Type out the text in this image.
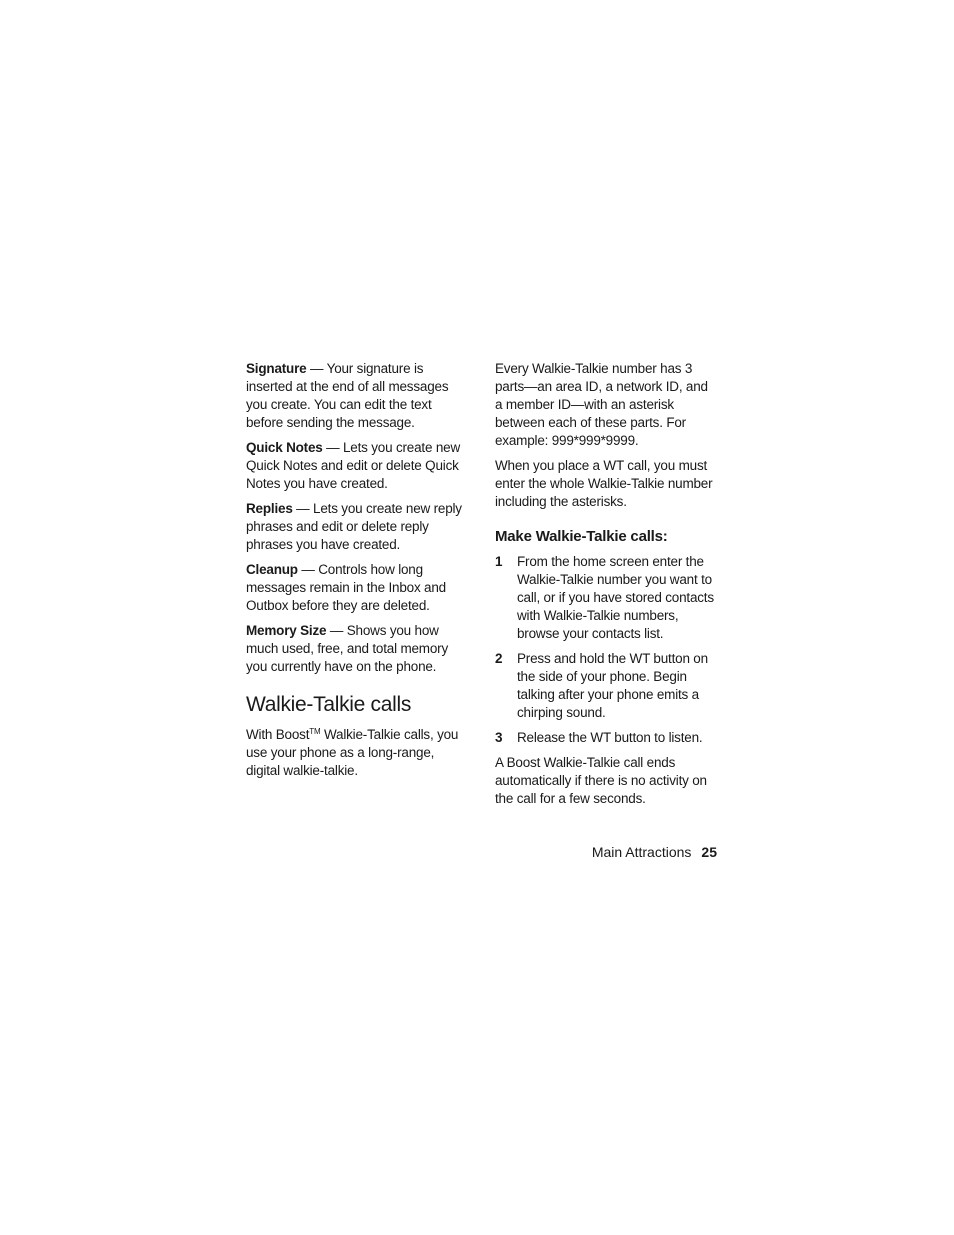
Signature — Your signature is inserted at the end of all messages you create. You can edit the text before sending the message.

Quick Notes — Lets you create new Quick Notes and edit or delete Quick Notes you have created.

Replies — Lets you create new reply phrases and edit or delete reply phrases you have created.

Cleanup — Controls how long messages remain in the Inbox and Outbox before they are deleted.

Memory Size — Shows you how much used, free, and total memory you currently have on the phone.

Walkie-Talkie calls

With Boost™ Walkie-Talkie calls, you use your phone as a long-range, digital walkie-talkie.

Every Walkie-Talkie number has 3 parts—an area ID, a network ID, and a member ID—with an asterisk between each of these parts. For example: 999*999*9999.

When you place a WT call, you must enter the whole Walkie-Talkie number including the asterisks.

Make Walkie-Talkie calls:
1	From the home screen enter the Walkie-Talkie number you want to call, or if you have stored contacts with Walkie-Talkie numbers, browse your contacts list.
2	Press and hold the WT button on the side of your phone. Begin talking after your phone emits a chirping sound.
3	Release the WT button to listen.

A Boost Walkie-Talkie call ends automatically if there is no activity on the call for a few seconds.

Main Attractions 25
